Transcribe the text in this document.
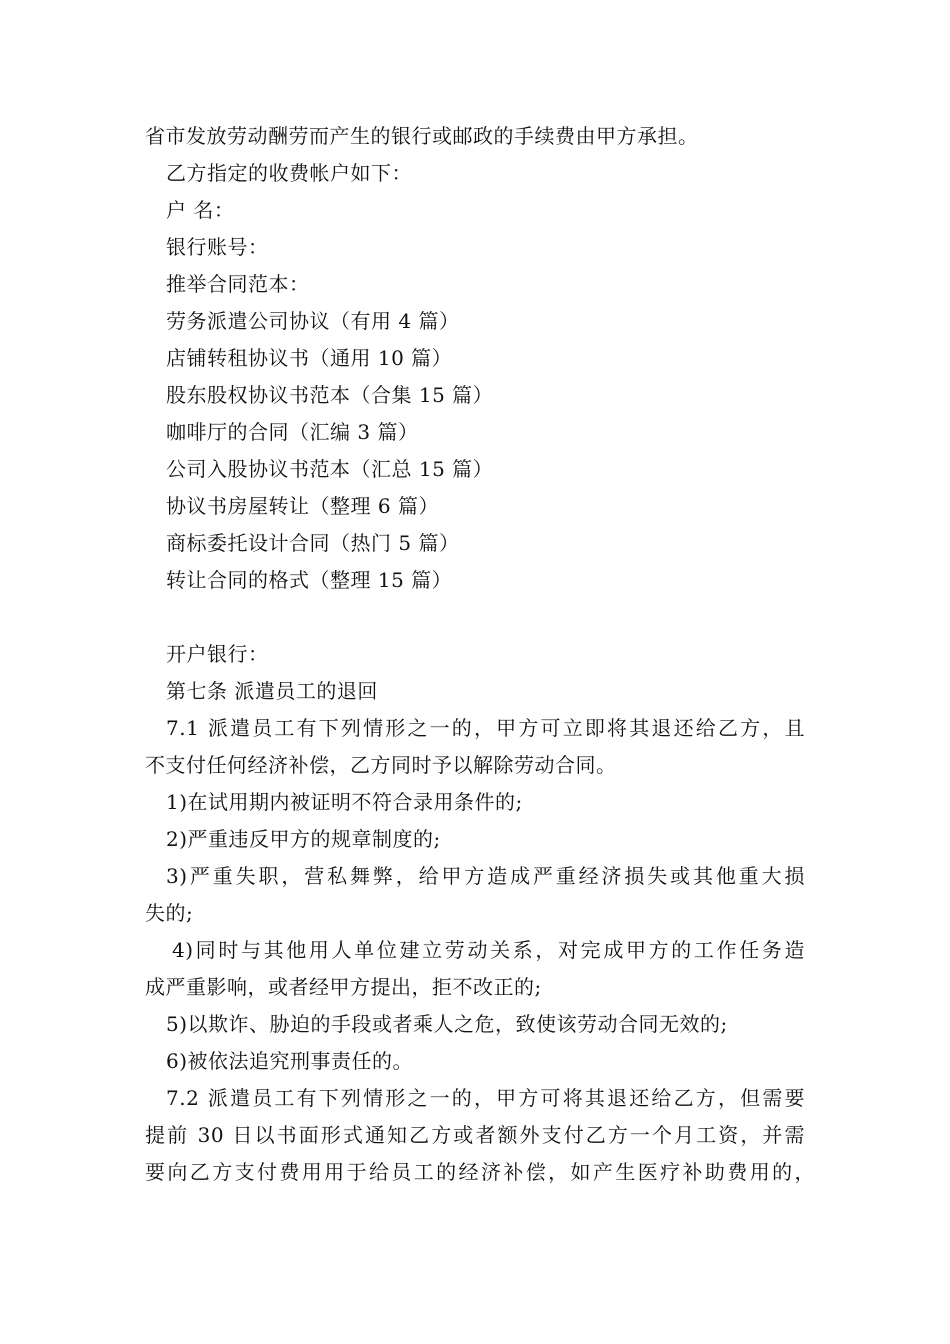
省市发放劳动酬劳而产生的银行或邮政的手续费由甲方承担。
乙方指定的收费帐户如下：
户 名：
银行账号：
推举合同范本：
劳务派遣公司协议（有用 4 篇）
店铺转租协议书（通用 10 篇）
股东股权协议书范本（合集 15 篇）
咖啡厅的合同（汇编 3 篇）
公司入股协议书范本（汇总 15 篇）
协议书房屋转让（整理 6 篇）
商标委托设计合同（热门 5 篇）
转让合同的格式（整理 15 篇）
开户银行：
第七条 派遣员工的退回
7.1 派遣员工有下列情形之一的，甲方可立即将其退还给乙方，且
不支付任何经济补偿，乙方同时予以解除劳动合同。
1)在试用期内被证明不符合录用条件的;
2)严重违反甲方的规章制度的;
3)严重失职，营私舞弊，给甲方造成严重经济损失或其他重大损
失的;
4)同时与其他用人单位建立劳动关系，对完成甲方的工作任务造
成严重影响，或者经甲方提出，拒不改正的;
5)以欺诈、胁迫的手段或者乘人之危，致使该劳动合同无效的;
6)被依法追究刑事责任的。
7.2 派遣员工有下列情形之一的，甲方可将其退还给乙方，但需要
提前 30 日以书面形式通知乙方或者额外支付乙方一个月工资，并需
要向乙方支付费用用于给员工的经济补偿，如产生医疗补助费用的，
